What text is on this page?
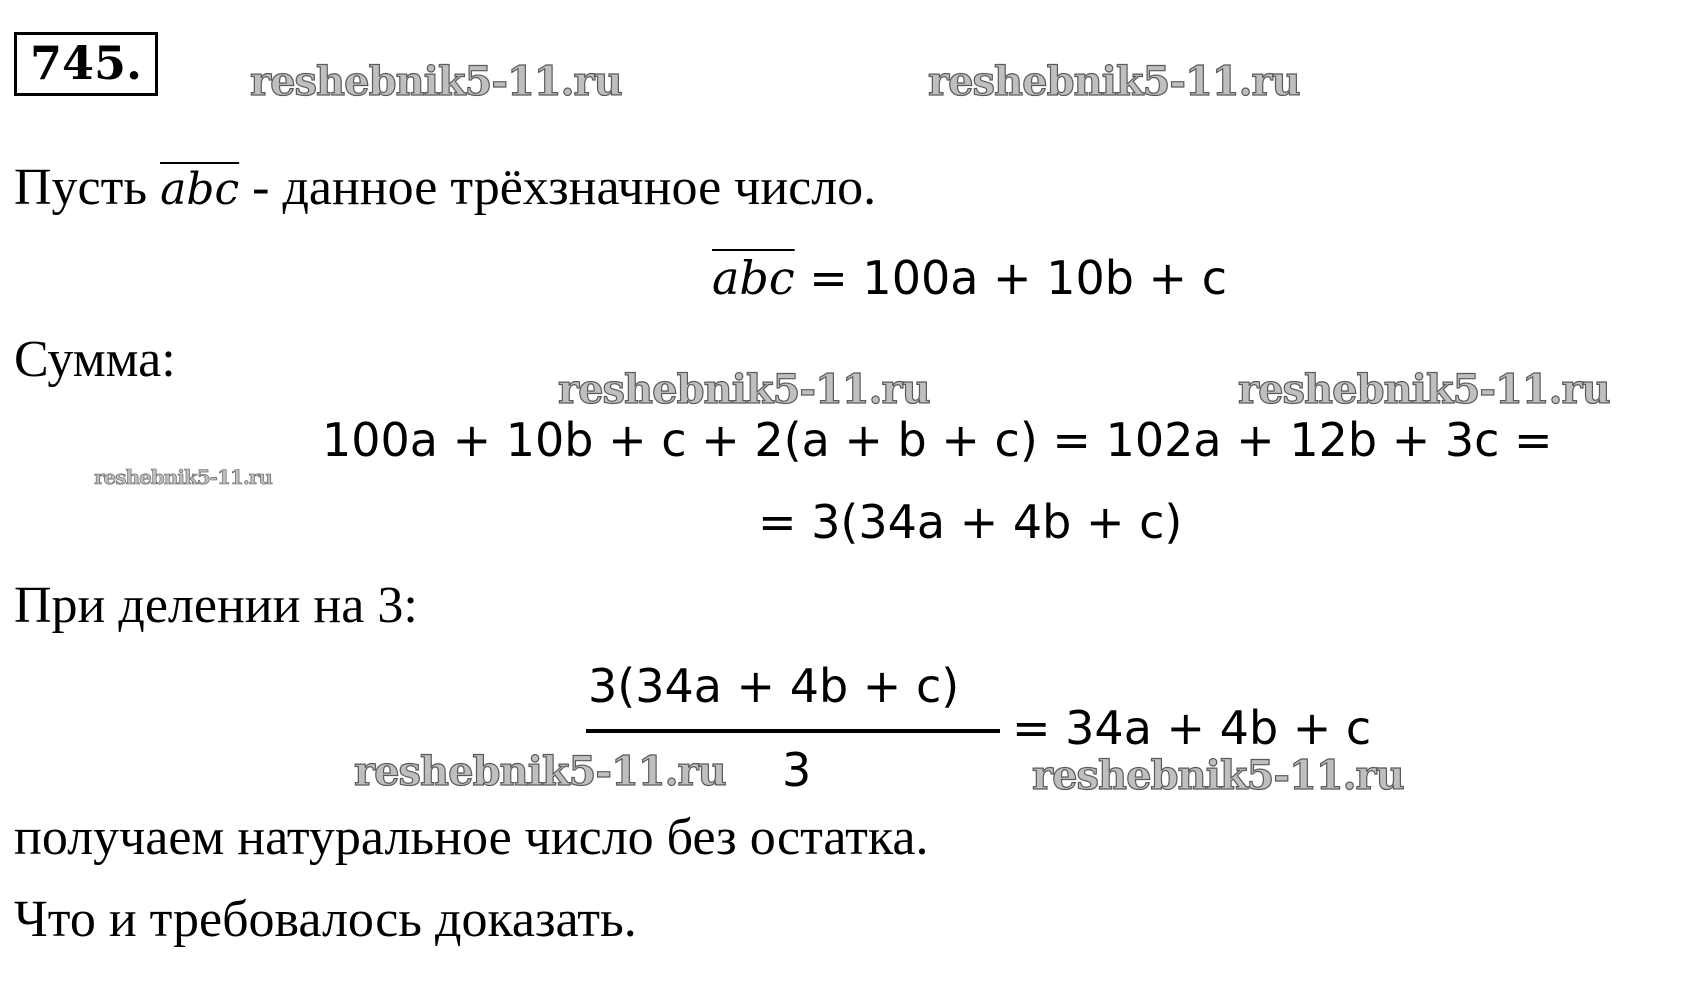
745.	reshebnik5-11.ru	reshebnik5-11.ru
reshebnik5-11.ru	reshebnik5-11.ru
reshebnik5-11.ru
reshebnik5-11.ru	reshebnik5-11.ru
Пусть $\overline{abc}$ - данное трёхзначное число.
$\overline{abc} = 100a + 10b + c$
Сумма:
100a + 10b + c + 2(a + b + c) = 102a + 12b + 3c =
= 3(34a + 4b + c)
При делении на 3:
3(34a + 4b + c)
3
= 34a + 4b + c
получаем натуральное число без остатка.
Что и требовалось доказать.
